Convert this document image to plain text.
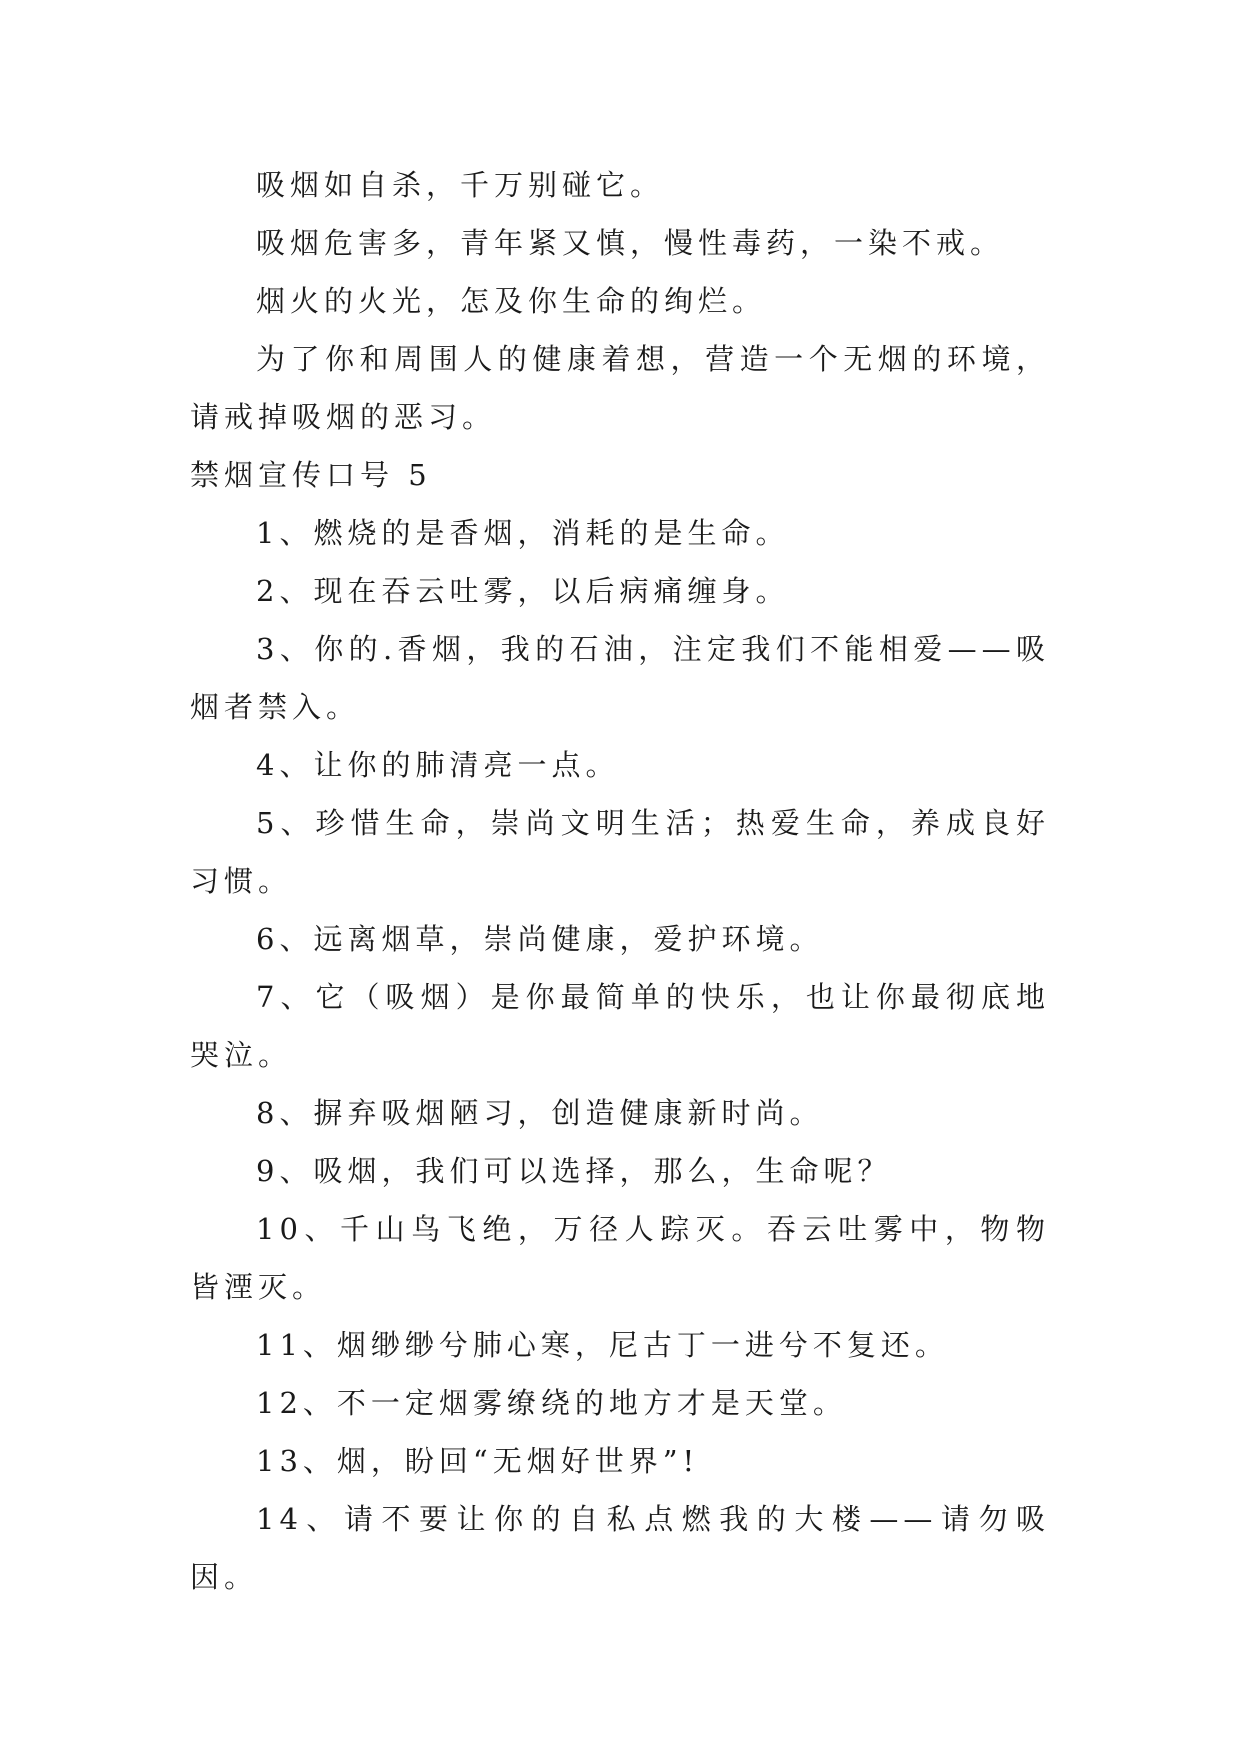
吸烟如自杀，千万别碰它。

吸烟危害多，青年紧又慎，慢性毒药，一染不戒。

烟火的火光，怎及你生命的绚烂。

为了你和周围人的健康着想，营造一个无烟的环境，请戒掉吸烟的恶习。

禁烟宣传口号 5

1、燃烧的是香烟，消耗的是生命。

2、现在吞云吐雾，以后病痛缠身。

3、你的.香烟，我的石油，注定我们不能相爱——吸烟者禁入。

4、让你的肺清亮一点。

5、珍惜生命，崇尚文明生活；热爱生命，养成良好习惯。

6、远离烟草，崇尚健康，爱护环境。

7、它（吸烟）是你最简单的快乐，也让你最彻底地哭泣。

8、摒弃吸烟陋习，创造健康新时尚。

9、吸烟，我们可以选择，那么，生命呢？

10、千山鸟飞绝，万径人踪灭。吞云吐雾中，物物皆湮灭。

11、烟缈缈兮肺心寒，尼古丁一进兮不复还。

12、不一定烟雾缭绕的地方才是天堂。

13、烟，盼回“无烟好世界”!

14、请不要让你的自私点燃我的大楼——请勿吸因。
